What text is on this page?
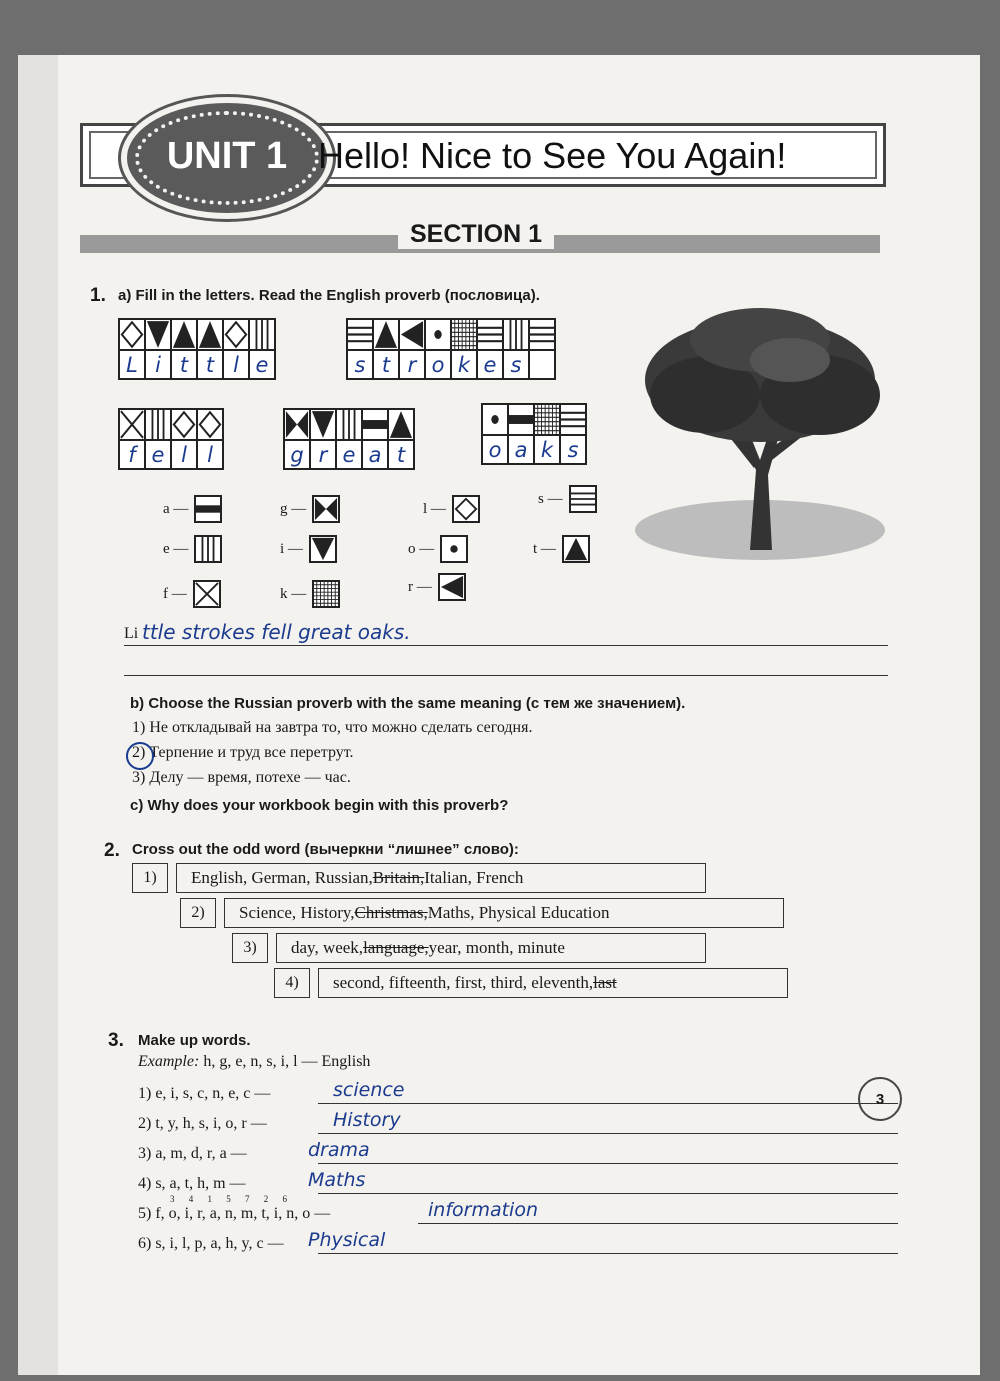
UNIT 1 Hello! Nice to See You Again!
SECTION 1
1. a) Fill in the letters. Read the English proverb (пословица).
L i t t l e	s t r o k e s
f e l l	g r e a t	o a k s
a —	g —	l —
s —
e —	i —	o —	t —
f —	k —	r —
Li ttle strokes fell great oaks.
b) Choose the Russian proverb with the same meaning (с тем же значением).
1) Не откладывай на завтра то, что можно сделать сегодня.
2) Терпение и труд все перетрут.
3) Делу — время, потехе — час.
c) Why does your workbook begin with this proverb?
2. Cross out the odd word (вычеркни “лишнее” слово):
1)	English, German, Russian, Britain, Italian, French
2)	Science, History, Christmas, Maths, Physical Education
3)	day, week, language, year, month, minute
4)	second, fifteenth, first, third, eleventh, last
3. Make up words.
Example: h, g, e, n, s, i, l — English
3 4 1 5 7 2 6
1) e, i, s, c, n, e, c —	science
2) t, y, h, s, i, o, r —	History
3) a, m, d, r, a —	drama
4) s, a, t, h, m —	Maths
5) f, o, i, r, a, n, m, t, i, n, o —	information
6) s, i, l, p, a, h, y, c — Physical
3
